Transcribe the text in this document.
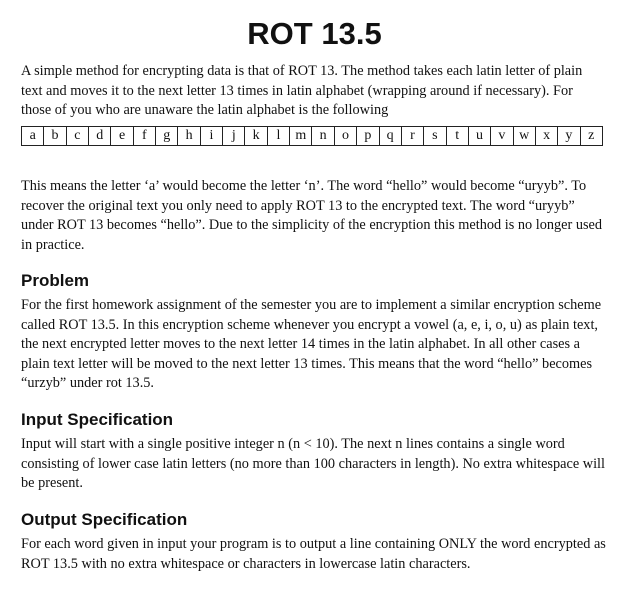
ROT 13.5

A simple method for encrypting data is that of ROT 13. The method takes each latin letter of plain text and moves it to the next letter 13 times in latin alphabet (wrapping around if necessary). For those of you who are unaware the latin alphabet is the following

a	b	c	d	e	f	g	h	i	j	k	l	m n	o	p	q	r	s	t	u	v w x	y	z

This means the letter ‘a’ would become the letter ‘n’. The word “hello” would become “uryyb”. To recover the original text you only need to apply ROT 13 to the encrypted text. The word “uryyb” under ROT 13 becomes “hello”. Due to the simplicity of the encryption this method is no longer used in practice.

Problem

For the first homework assignment of the semester you are to implement a similar encryption scheme called ROT 13.5. In this encryption scheme whenever you encrypt a vowel (a, e, i, o, u) as plain text, the next encrypted letter moves to the next letter 14 times in the latin alphabet. In all other cases a plain text letter will be moved to the next letter 13 times. This means that the word “hello” becomes “urzyb” under rot 13.5.

Input Specification

Input will start with a single positive integer n (n < 10). The next n lines contains a single word consisting of lower case latin letters (no more than 100 characters in length). No extra whitespace will be present.

Output Specification

For each word given in input your program is to output a line containing ONLY the word encrypted as ROT 13.5 with no extra whitespace or characters in lowercase latin characters.
